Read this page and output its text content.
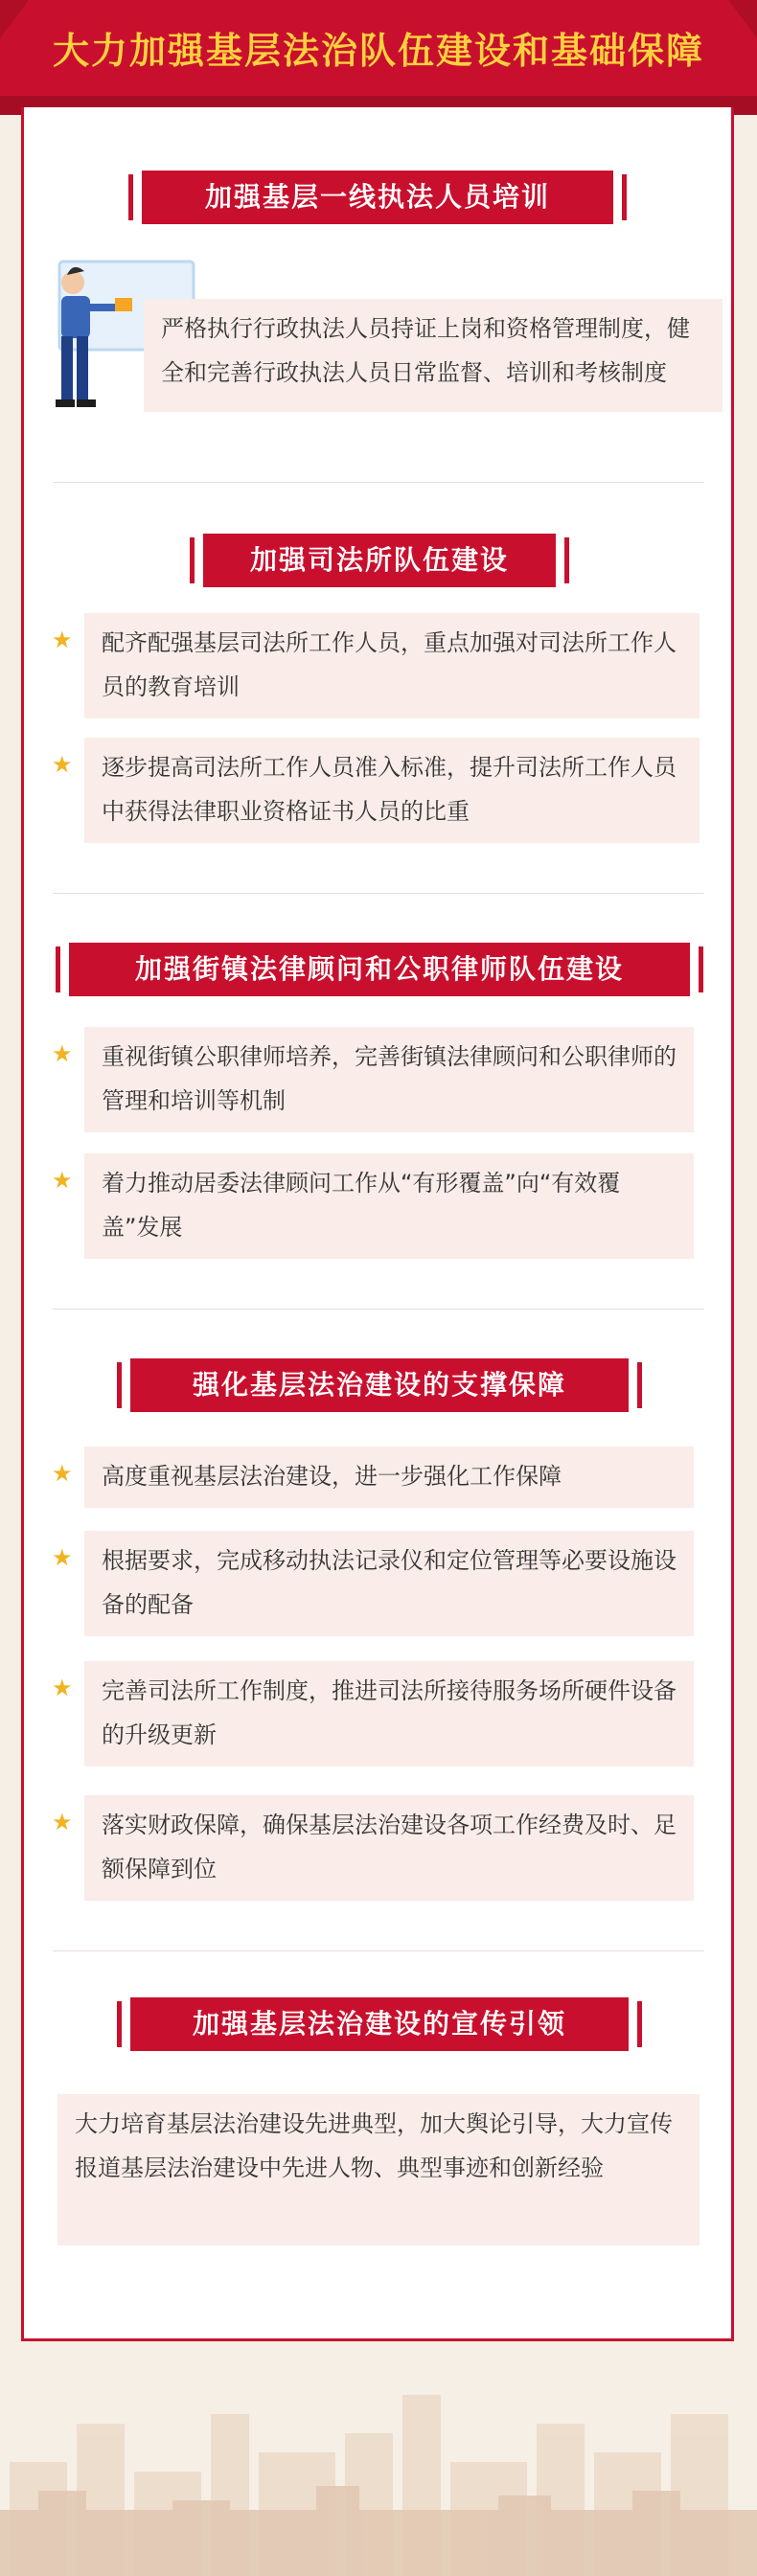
大力加强基层法治队伍建设和基础保障
加强基层一线执法人员培训
严格执行行政执法人员持证上岗和资格管理制度，健全和完善行政执法人员日常监督、培训和考核制度
加强司法所队伍建设
★	配齐配强基层司法所工作人员，重点加强对司法所工作人员的教育培训
★	逐步提高司法所工作人员准入标准，提升司法所工作人员中获得法律职业资格证书人员的比重
加强街镇法律顾问和公职律师队伍建设
★	重视街镇公职律师培养，完善街镇法律顾问和公职律师的管理和培训等机制
★	着力推动居委法律顾问工作从“有形覆盖”向“有效覆盖”发展
强化基层法治建设的支撑保障
★	高度重视基层法治建设，进一步强化工作保障
★	根据要求，完成移动执法记录仪和定位管理等必要设施设备的配备
★	完善司法所工作制度，推进司法所接待服务场所硬件设备的升级更新
★	落实财政保障，确保基层法治建设各项工作经费及时、足额保障到位
加强基层法治建设的宣传引领
大力培育基层法治建设先进典型，加大舆论引导，大力宣传报道基层法治建设中先进人物、典型事迹和创新经验
